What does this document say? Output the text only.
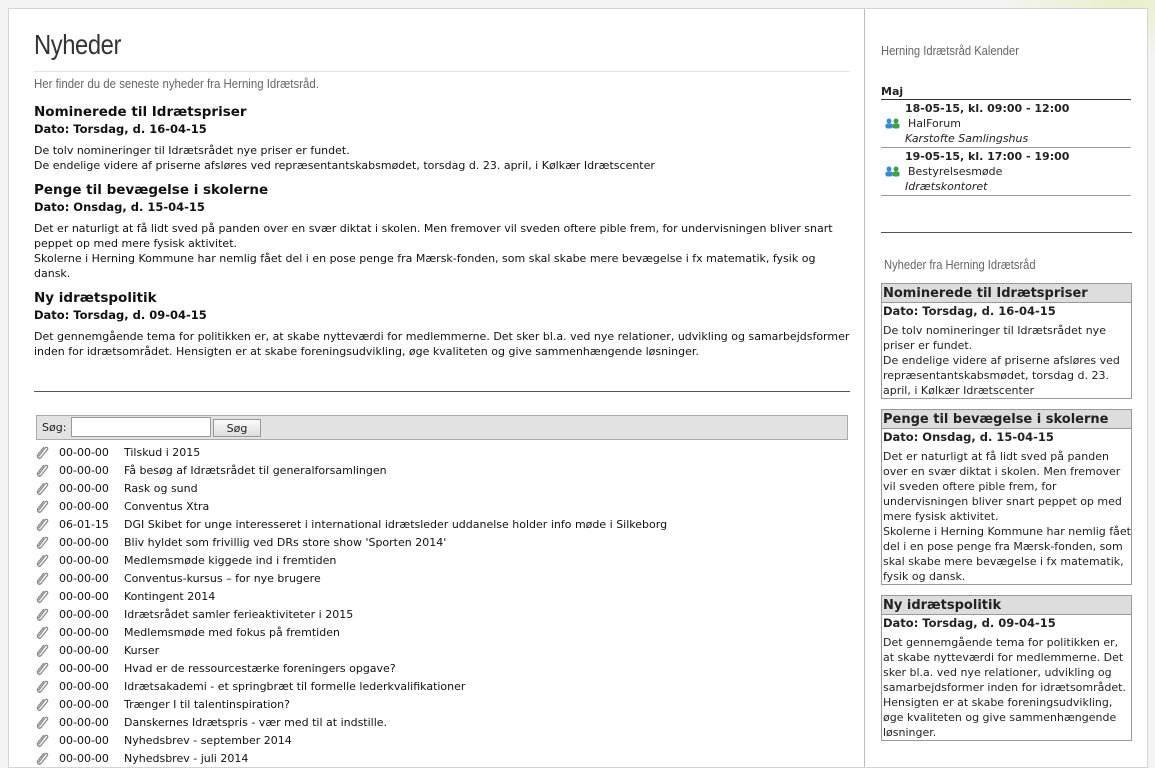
Nyheder
Her finder du de seneste nyheder fra Herning Idrætsråd.
Nominerede til Idrætspriser
Dato: Torsdag, d. 16-04-15
De tolv nomineringer til Idrætsrådet nye priser er fundet.
De endelige videre af priserne afsløres ved repræsentantskabsmødet, torsdag d. 23. april, i Kølkær Idrætscenter
Penge til bevægelse i skolerne
Dato: Onsdag, d. 15-04-15
Det er naturligt at få lidt sved på panden over en svær diktat i skolen. Men fremover vil sveden oftere pible frem, for undervisningen bliver snart peppet op med mere fysisk aktivitet.
Skolerne i Herning Kommune har nemlig fået del i en pose penge fra Mærsk-fonden, som skal skabe mere bevægelse i fx matematik, fysik og dansk.
Ny idrætspolitik
Dato: Torsdag, d. 09-04-15
Det gennemgående tema for politikken er, at skabe nytteværdi for medlemmerne. Det sker bl.a. ved nye relationer, udvikling og samarbejdsformer inden for idrætsområdet. Hensigten er at skabe foreningsudvikling, øge kvaliteten og give sammenhængende løsninger.
Søg:	Søg
00-00-00	Tilskud i 2015
00-00-00	Få besøg af Idrætsrådet til generalforsamlingen
00-00-00	Rask og sund
00-00-00	Conventus Xtra
06-01-15	DGI Skibet for unge interesseret i international idrætsleder uddanelse holder info møde i Silkeborg
00-00-00	Bliv hyldet som frivillig ved DRs store show 'Sporten 2014'
00-00-00	Medlemsmøde kiggede ind i fremtiden
00-00-00	Conventus-kursus – for nye brugere
00-00-00	Kontingent 2014
00-00-00	Idrætsrådet samler ferieaktiviteter i 2015
00-00-00	Medlemsmøde med fokus på fremtiden
00-00-00	Kurser
00-00-00	Hvad er de ressourcestærke foreningers opgave?
00-00-00	Idrætsakademi - et springbræt til formelle lederkvalifikationer
00-00-00	Trænger I til talentinspiration?
00-00-00	Danskernes Idrætspris - vær med til at indstille.
00-00-00	Nyhedsbrev - september 2014
00-00-00	Nyhedsbrev - juli 2014
Herning Idrætsråd Kalender
Maj
18-05-15, kl. 09:00 - 12:00
HalForum
Karstofte Samlingshus
19-05-15, kl. 17:00 - 19:00
Bestyrelsesmøde
Idrætskontoret
Nyheder fra Herning Idrætsråd
Nominerede til Idrætspriser
Dato: Torsdag, d. 16-04-15
De tolv nomineringer til Idrætsrådet nye priser er fundet.
De endelige videre af priserne afsløres ved repræsentantskabsmødet, torsdag d. 23. april, i Kølkær Idrætscenter
Penge til bevægelse i skolerne
Dato: Onsdag, d. 15-04-15
Det er naturligt at få lidt sved på panden over en svær diktat i skolen. Men fremover vil sveden oftere pible frem, for undervisningen bliver snart peppet op med mere fysisk aktivitet.
Skolerne i Herning Kommune har nemlig fået del i en pose penge fra Mærsk-fonden, som skal skabe mere bevægelse i fx matematik, fysik og dansk.
Ny idrætspolitik
Dato: Torsdag, d. 09-04-15
Det gennemgående tema for politikken er, at skabe nytteværdi for medlemmerne. Det sker bl.a. ved nye relationer, udvikling og samarbejdsformer inden for idrætsområdet. Hensigten er at skabe foreningsudvikling, øge kvaliteten og give sammenhængende løsninger.
